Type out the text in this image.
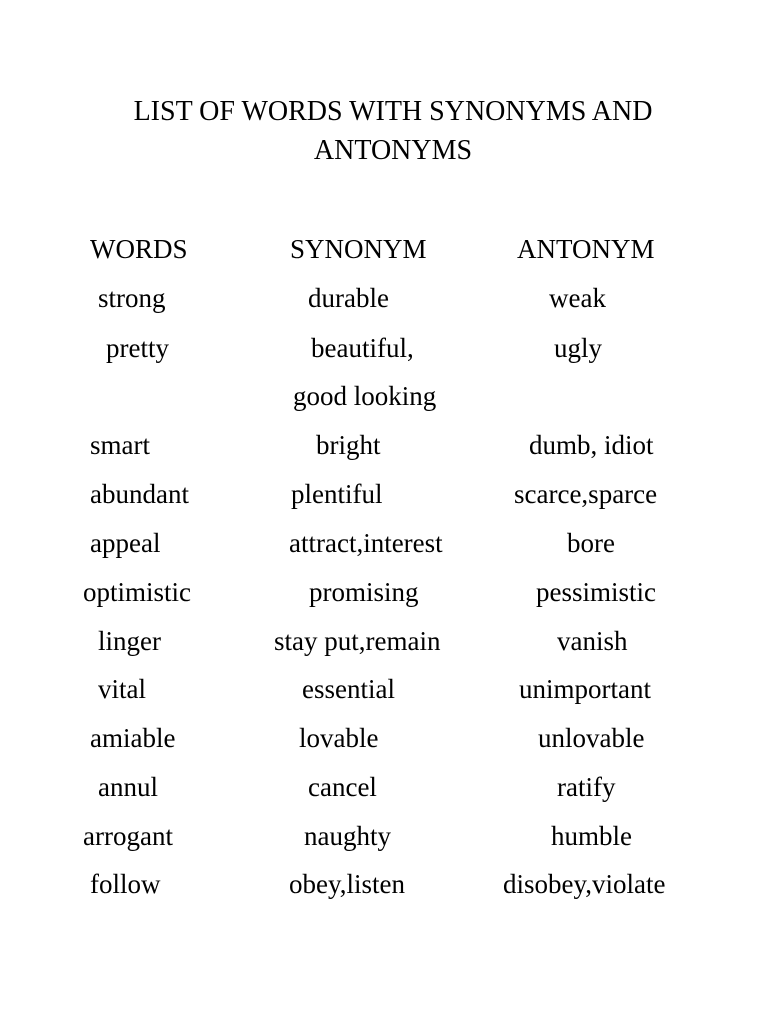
LIST OF WORDS WITH SYNONYMS AND
ANTONYMS
WORDS	SYNONYM	ANTONYM
strong	durable	weak
pretty	beautiful,	ugly
good looking
smart	bright	dumb, idiot
abundant	plentiful	scarce,sparce
appeal	attract,interest	bore
optimistic	promising	pessimistic
linger	stay put,remain	vanish
vital	essential	unimportant
amiable	lovable	unlovable
annul	cancel	ratify
arrogant	naughty	humble
follow	obey,listen	disobey,violate
